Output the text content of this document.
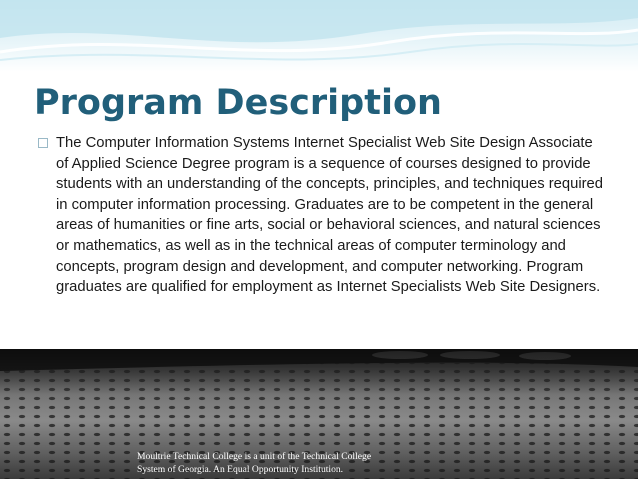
Program Description

The Computer Information Systems Internet Specialist Web Site Design Associate of Applied Science Degree program is a sequence of courses designed to provide students with an understanding of the concepts, principles, and techniques required in computer information processing. Graduates are to be competent in the general areas of humanities or fine arts, social or behavioral sciences, and natural sciences or mathematics, as well as in the technical areas of computer terminology and concepts, program design and development, and computer networking. Program graduates are qualified for employment as Internet Specialists Web Site Designers.

Moultrie Technical College is a unit of the Technical College
System of Georgia. An Equal Opportunity Institution.
